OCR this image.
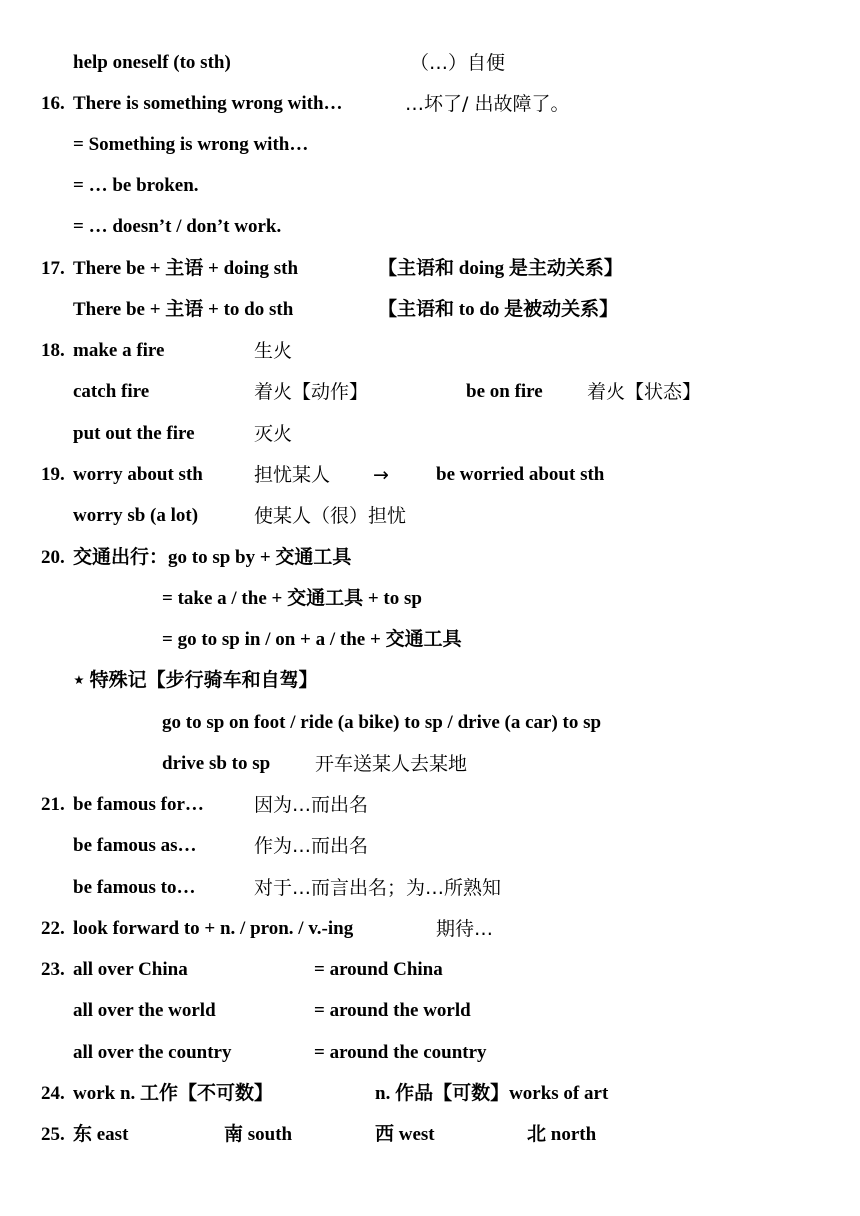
help oneself (to sth)	（…）自便
16. There is something wrong with…	…坏了/ 出故障了。
= Something is wrong with…
= … be broken.
= … doesn’t / don’t work.
17. There be + 主语 + doing sth	【主语和 doing 是主动关系】
There be + 主语 + to do sth	【主语和 to do 是被动关系】
18. make a fire	生火
catch fire	着火【动作】	be on fire 着火【状态】
put out the fire	灭火
19. worry about sth	担忧某人 → be worried about sth
worry sb (a lot)	使某人（很）担忧
20. 交通出行：go to sp by + 交通工具
= take a / the + 交通工具 + to sp
= go to sp in / on + a / the + 交通工具
⋆ 特殊记【步行骑车和自驾】
go to sp on foot / ride (a bike) to sp / drive (a car) to sp
drive sb to sp 开车送某人去某地
21. be famous for…	因为…而出名
be famous as…	作为…而出名
be famous to…	对于…而言出名；为…所熟知
22. look forward to + n. / pron. / v.-ing	期待…
23. all over China	= around China
all over the world	= around the world
all over the country	= around the country
24. work n. 工作【不可数】	n. 作品【可数】works of art
25. 东 east	南 south	西 west	北 north
